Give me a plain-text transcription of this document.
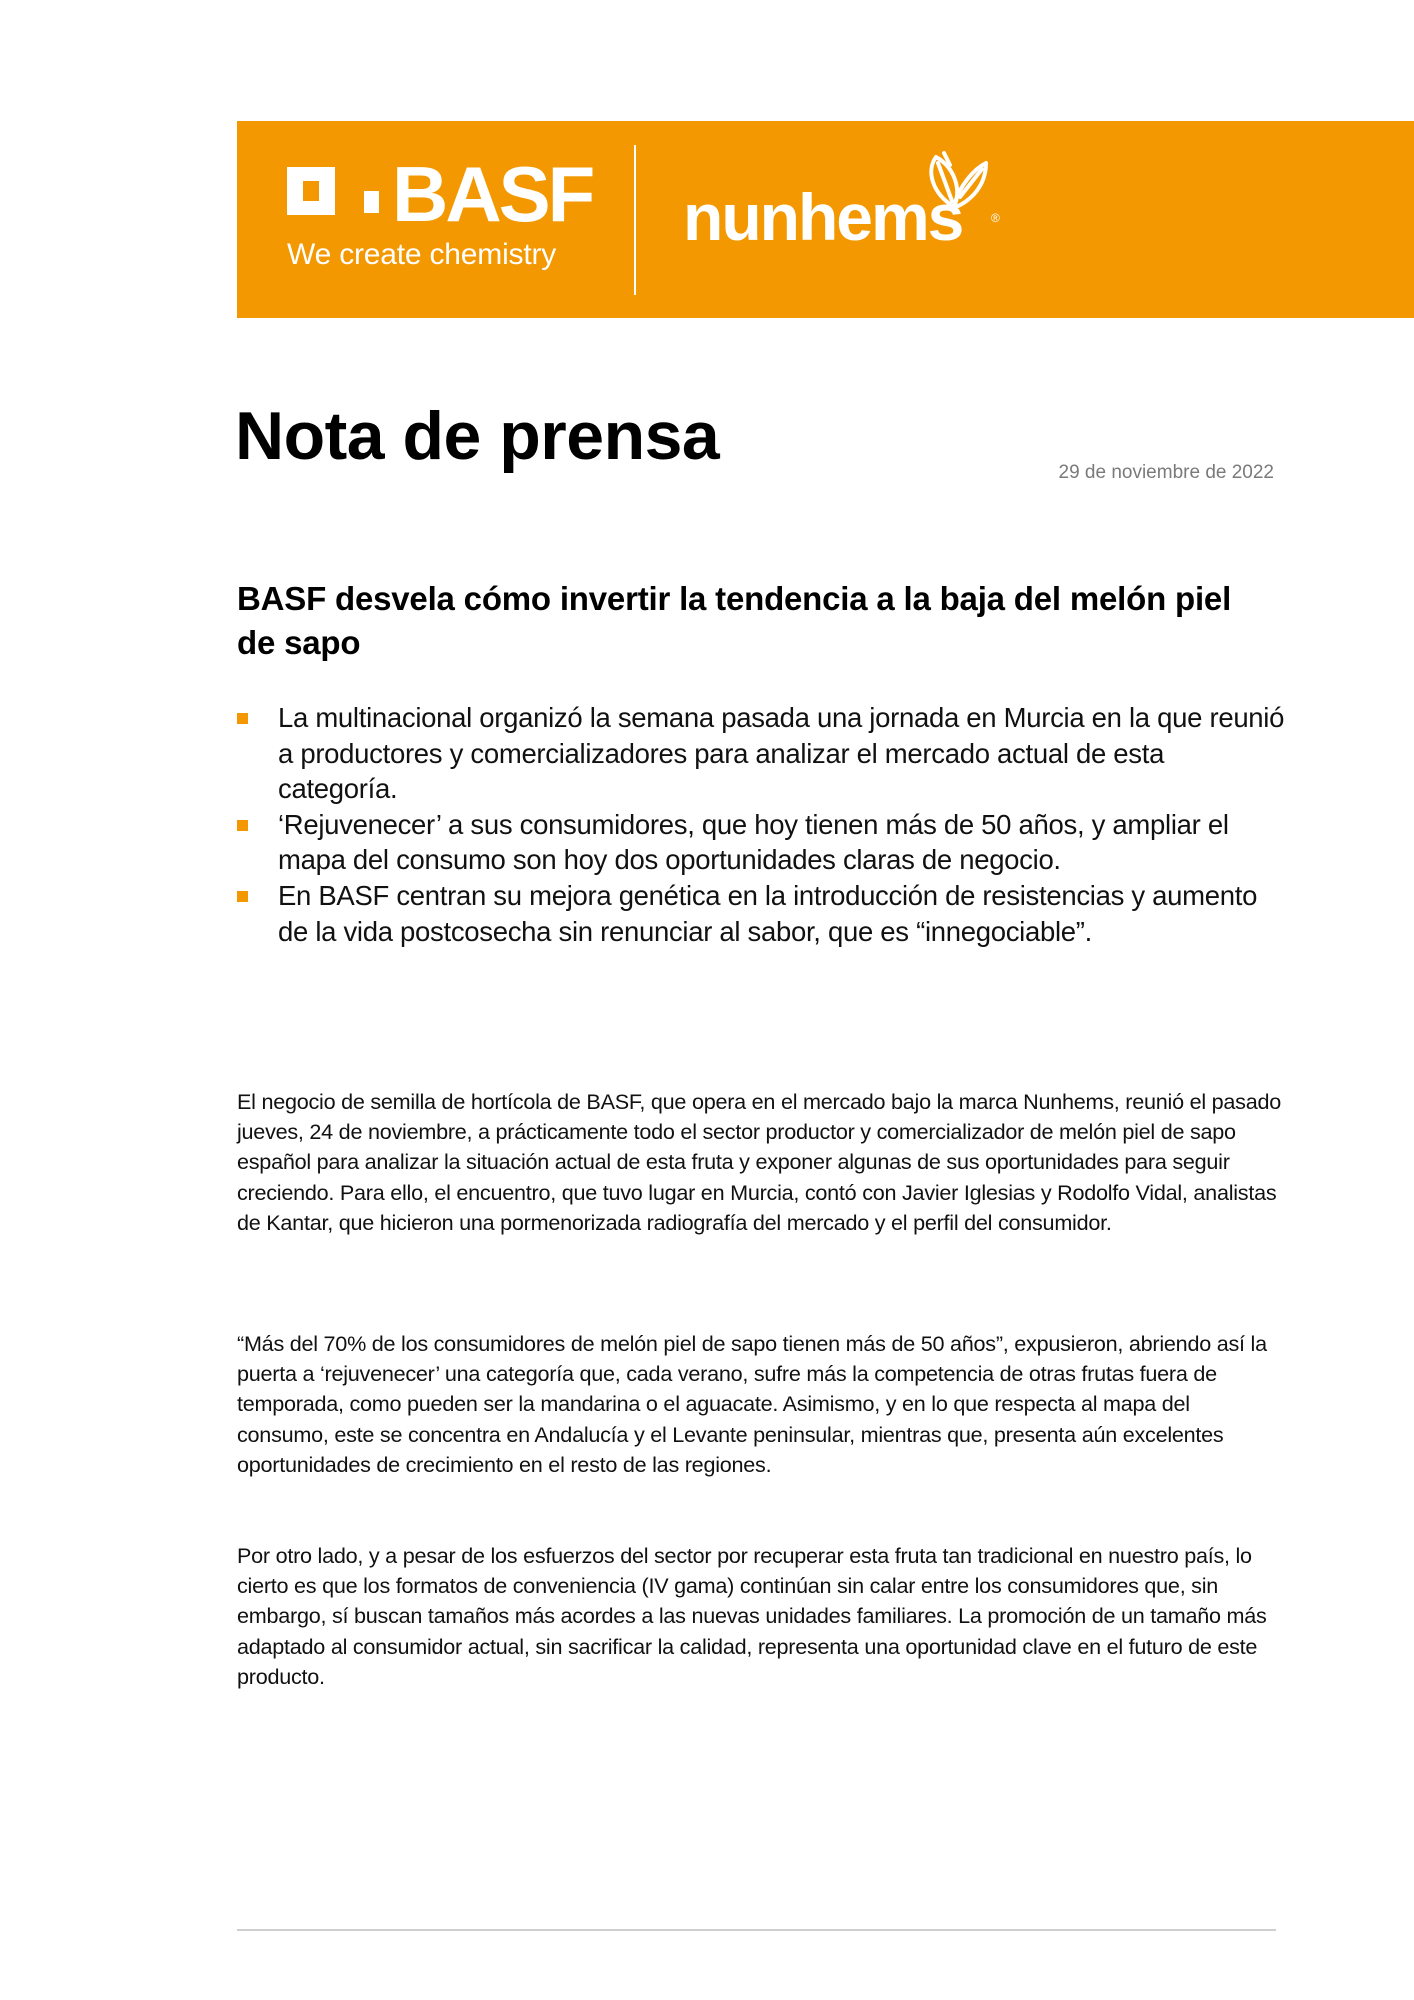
BASF
We create chemistry
nunhems ®
Nota de prensa	29 de noviembre de 2022
BASF desvela cómo invertir la tendencia a la baja del melón piel de sapo
La multinacional organizó la semana pasada una jornada en Murcia en la que reunió a productores y comercializadores para analizar el mercado actual de esta categoría.
‘Rejuvenecer’ a sus consumidores, que hoy tienen más de 50 años, y ampliar el mapa del consumo son hoy dos oportunidades claras de negocio.
En BASF centran su mejora genética en la introducción de resistencias y aumento de la vida postcosecha sin renunciar al sabor, que es “innegociable”.

El negocio de semilla de hortícola de BASF, que opera en el mercado bajo la marca Nunhems, reunió el pasado jueves, 24 de noviembre, a prácticamente todo el sector productor y comercializador de melón piel de sapo español para analizar la situación actual de esta fruta y exponer algunas de sus oportunidades para seguir creciendo. Para ello, el encuentro, que tuvo lugar en Murcia, contó con Javier Iglesias y Rodolfo Vidal, analistas de Kantar, que hicieron una pormenorizada radiografía del mercado y el perfil del consumidor.

“Más del 70% de los consumidores de melón piel de sapo tienen más de 50 años”, expusieron, abriendo así la puerta a ‘rejuvenecer’ una categoría que, cada verano, sufre más la competencia de otras frutas fuera de temporada, como pueden ser la mandarina o el aguacate. Asimismo, y en lo que respecta al mapa del consumo, este se concentra en Andalucía y el Levante peninsular, mientras que, presenta aún excelentes oportunidades de crecimiento en el resto de las regiones.

Por otro lado, y a pesar de los esfuerzos del sector por recuperar esta fruta tan tradicional en nuestro país, lo cierto es que los formatos de conveniencia (IV gama) continúan sin calar entre los consumidores que, sin embargo, sí buscan tamaños más acordes a las nuevas unidades familiares. La promoción de un tamaño más adaptado al consumidor actual, sin sacrificar la calidad, representa una oportunidad clave en el futuro de este producto.
